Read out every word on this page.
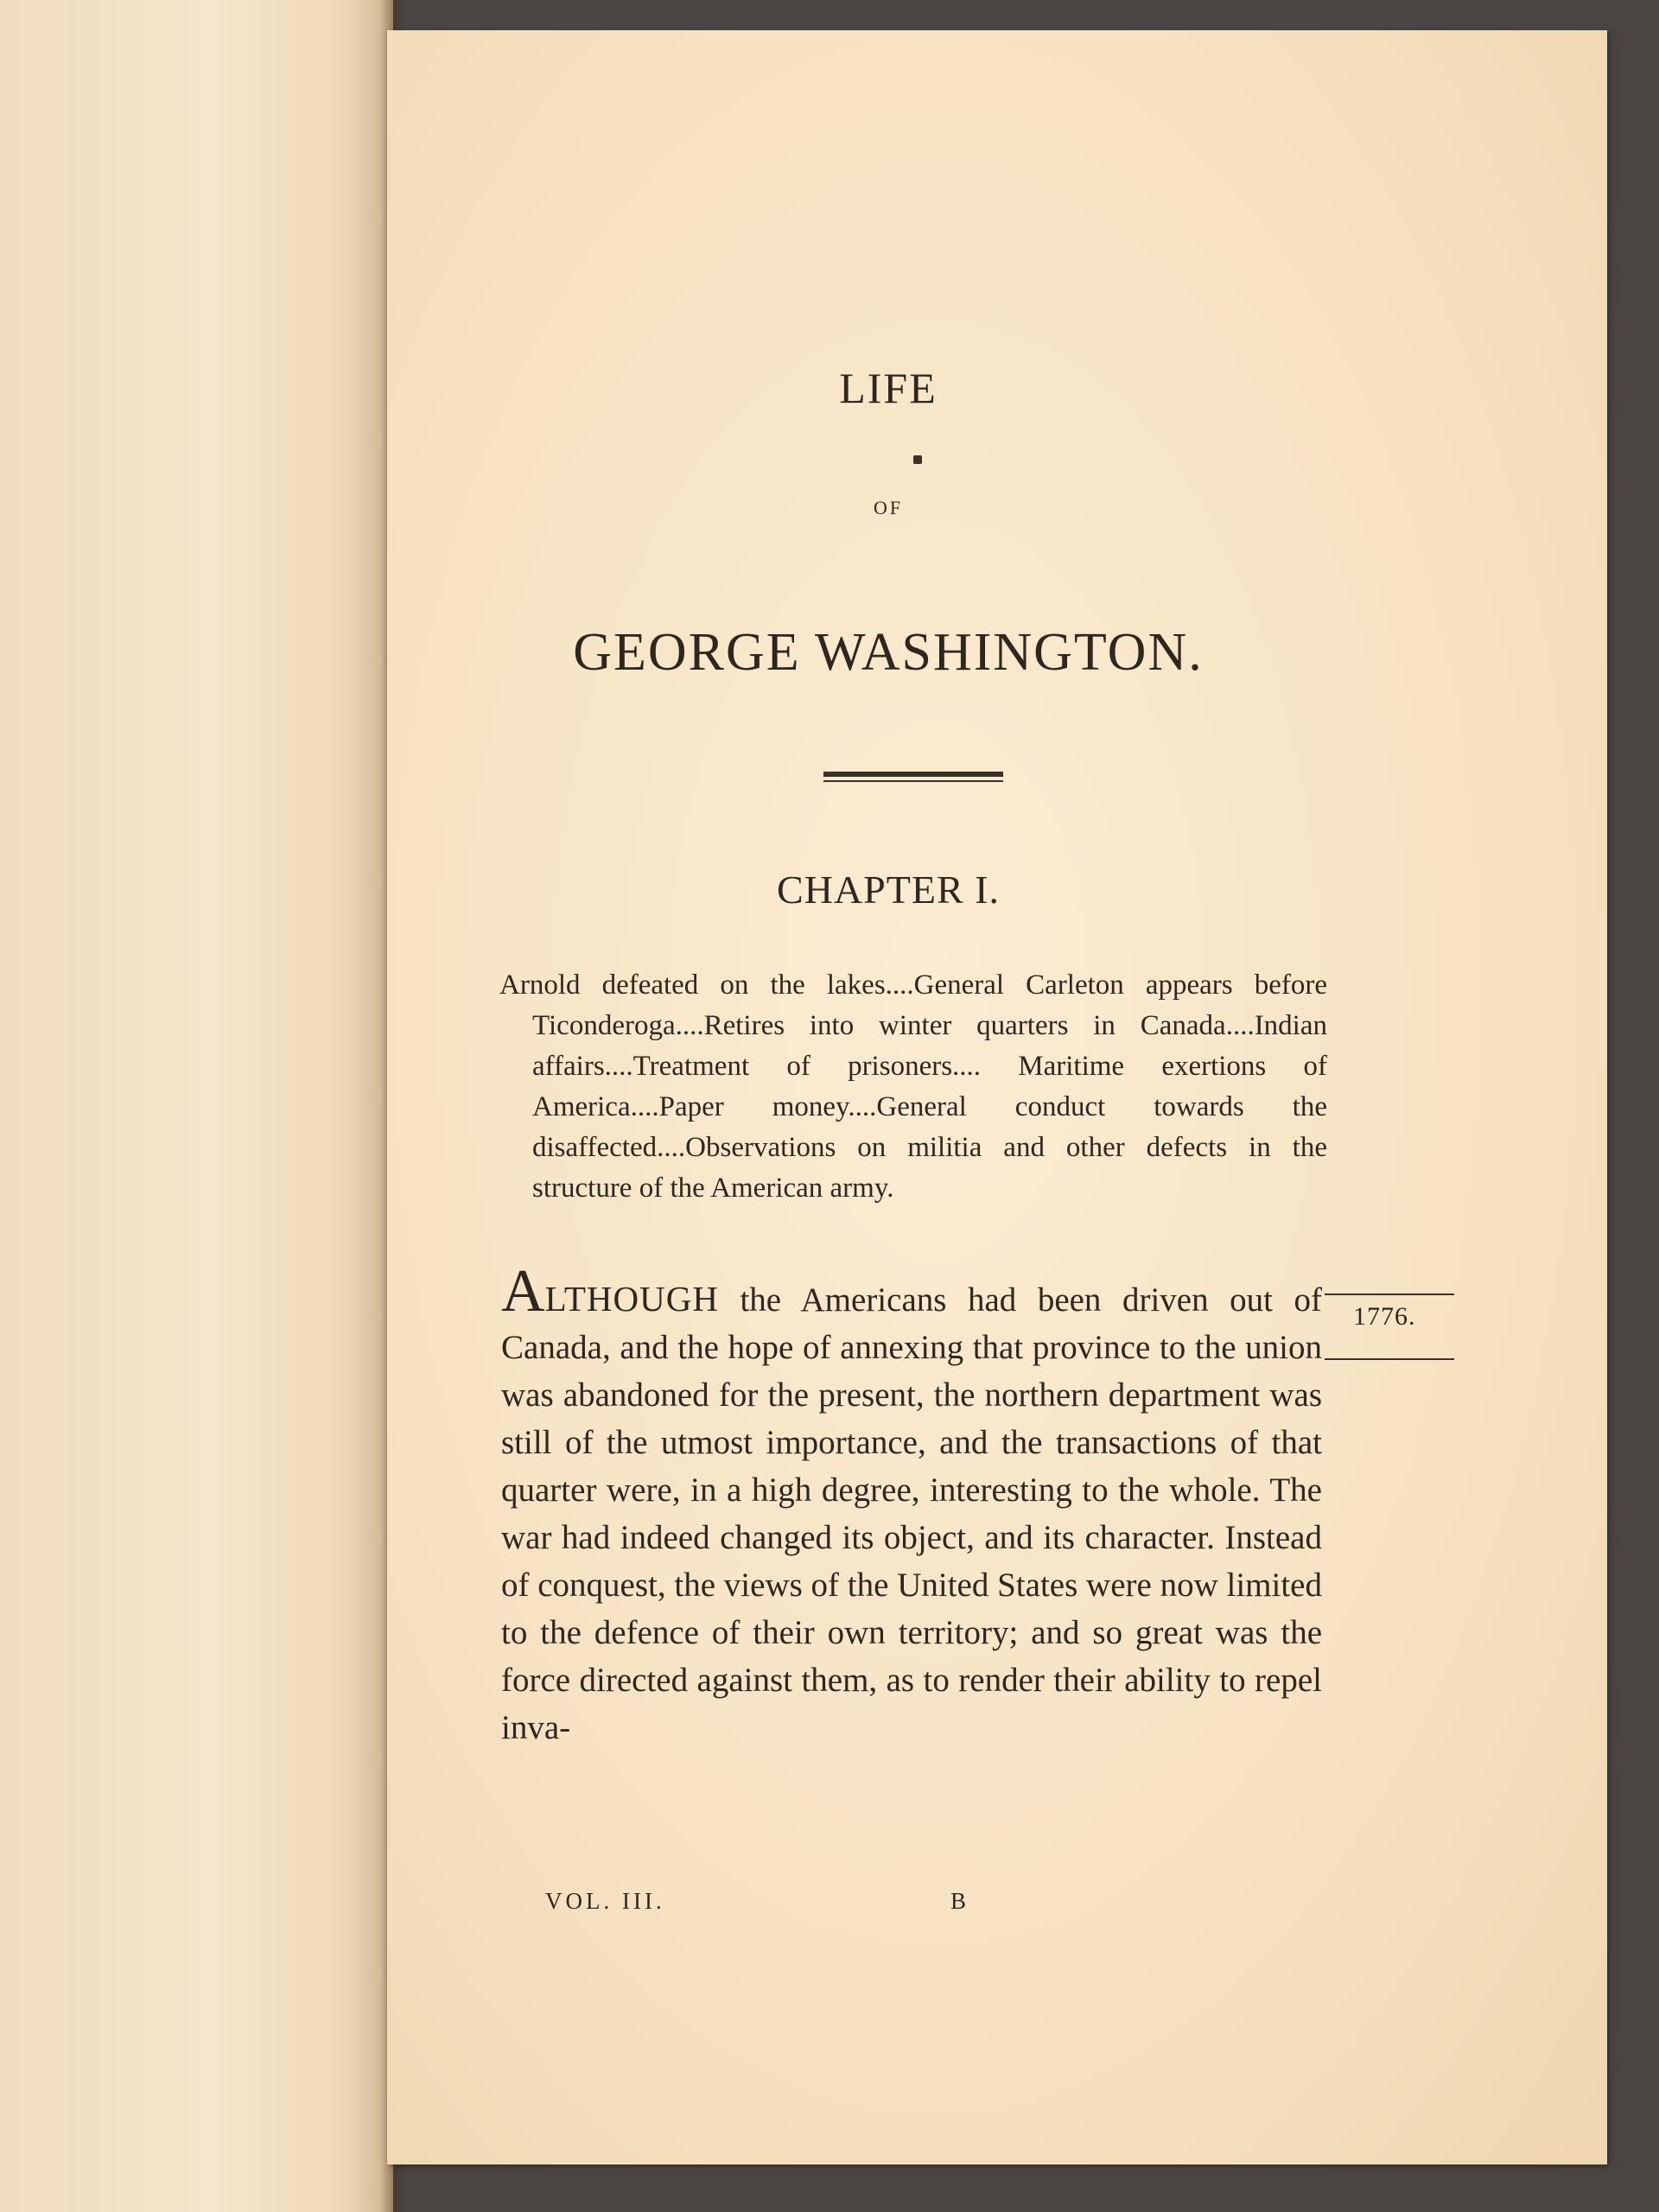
LIFE
OF
GEORGE WASHINGTON.
CHAPTER I.
Arnold defeated on the lakes....General Carleton appears before Ticonderoga....Retires into winter quarters in Canada....Indian affairs....Treatment of prisoners.... Maritime exertions of America....Paper money....General conduct towards the disaffected....Observations on militia and other defects in the structure of the American army.
ALTHOUGH the Americans had been driven out of Canada, and the hope of annexing that province to the union was abandoned for the present, the northern department was still of the utmost importance, and the transactions of that quarter were, in a high degree, interesting to the whole. The war had indeed changed its object, and its character. Instead of conquest, the views of the United States were now limited to the defence of their own territory; and so great was the force directed against them, as to render their ability to repel inva-
1776.
VOL. III.	B
